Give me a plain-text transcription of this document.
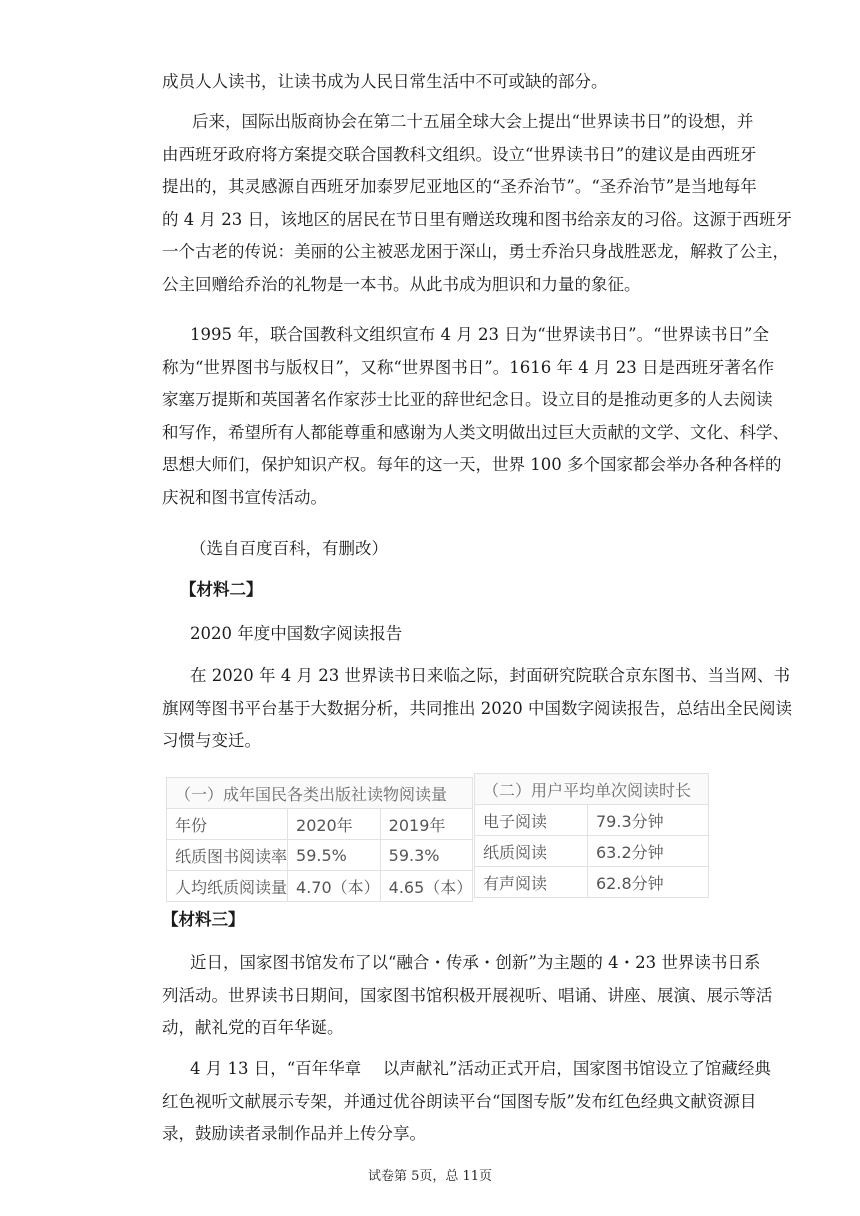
成员人人读书，让读书成为人民日常生活中不可或缺的部分。
后来，国际出版商协会在第二十五届全球大会上提出“世界读书日”的设想，并
由西班牙政府将方案提交联合国教科文组织。设立“世界读书日”的建议是由西班牙
提出的，其灵感源自西班牙加泰罗尼亚地区的“圣乔治节”。“圣乔治节”是当地每年
的 4 月 23 日，该地区的居民在节日里有赠送玫瑰和图书给亲友的习俗。这源于西班牙
一个古老的传说：美丽的公主被恶龙困于深山，勇士乔治只身战胜恶龙，解救了公主，
公主回赠给乔治的礼物是一本书。从此书成为胆识和力量的象征。
1995 年，联合国教科文组织宣布 4 月 23 日为“世界读书日”。“世界读书日”全
称为“世界图书与版权日”，又称“世界图书日”。1616 年 4 月 23 日是西班牙著名作
家塞万提斯和英国著名作家莎士比亚的辞世纪念日。设立目的是推动更多的人去阅读
和写作，希望所有人都能尊重和感谢为人类文明做出过巨大贡献的文学、文化、科学、
思想大师们，保护知识产权。每年的这一天，世界 100 多个国家都会举办各种各样的
庆祝和图书宣传活动。
（选自百度百科，有删改）
【材料二】
2020 年度中国数字阅读报告
在 2020 年 4 月 23 世界读书日来临之际，封面研究院联合京东图书、当当网、书
旗网等图书平台基于大数据分析，共同推出 2020 中国数字阅读报告，总结出全民阅读
习惯与变迁。
（一）成年国民各类出版社读物阅读量		
年份	2020年	2019年
纸质图书阅读率	59.5%	59.3%
人均纸质阅读量	4.70（本）	4.65（本）
（二）用户平均单次阅读时长	
电子阅读	79.3分钟
纸质阅读	63.2分钟
有声阅读	62.8分钟
【材料三】
近日，国家图书馆发布了以“融合・传承・创新”为主题的 4・23 世界读书日系
列活动。世界读书日期间，国家图书馆积极开展视听、唱诵、讲座、展演、展示等活
动，献礼党的百年华诞。
4 月 13 日，“百年华章　 以声献礼”活动正式开启，国家图书馆设立了馆藏经典
红色视听文献展示专架，并通过优谷朗读平台“国图专版”发布红色经典文献资源目
录，鼓励读者录制作品并上传分享。
试卷第 5页，总 11页
